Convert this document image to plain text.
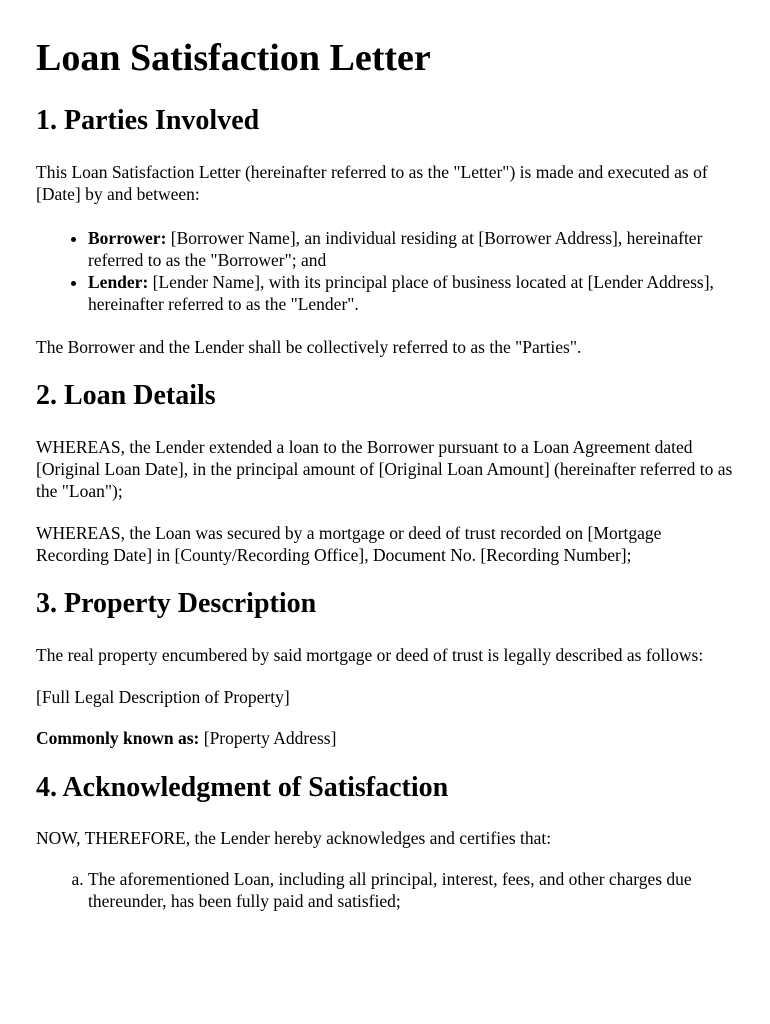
Loan Satisfaction Letter
1. Parties Involved

This Loan Satisfaction Letter (hereinafter referred to as the "Letter") is made and executed as of [Date] by and between:

• Borrower: [Borrower Name], an individual residing at [Borrower Address], hereinafter referred to as the "Borrower"; and
• Lender: [Lender Name], with its principal place of business located at [Lender Address], hereinafter referred to as the "Lender".

The Borrower and the Lender shall be collectively referred to as the "Parties".

2. Loan Details

WHEREAS, the Lender extended a loan to the Borrower pursuant to a Loan Agreement dated [Original Loan Date], in the principal amount of [Original Loan Amount] (hereinafter referred to as the "Loan");

WHEREAS, the Loan was secured by a mortgage or deed of trust recorded on [Mortgage Recording Date] in [County/Recording Office], Document No. [Recording Number];

3. Property Description

The real property encumbered by said mortgage or deed of trust is legally described as follows:

[Full Legal Description of Property]

Commonly known as: [Property Address]

4. Acknowledgment of Satisfaction

NOW, THEREFORE, the Lender hereby acknowledges and certifies that:

a. The aforementioned Loan, including all principal, interest, fees, and other charges due thereunder, has been fully paid and satisfied;
